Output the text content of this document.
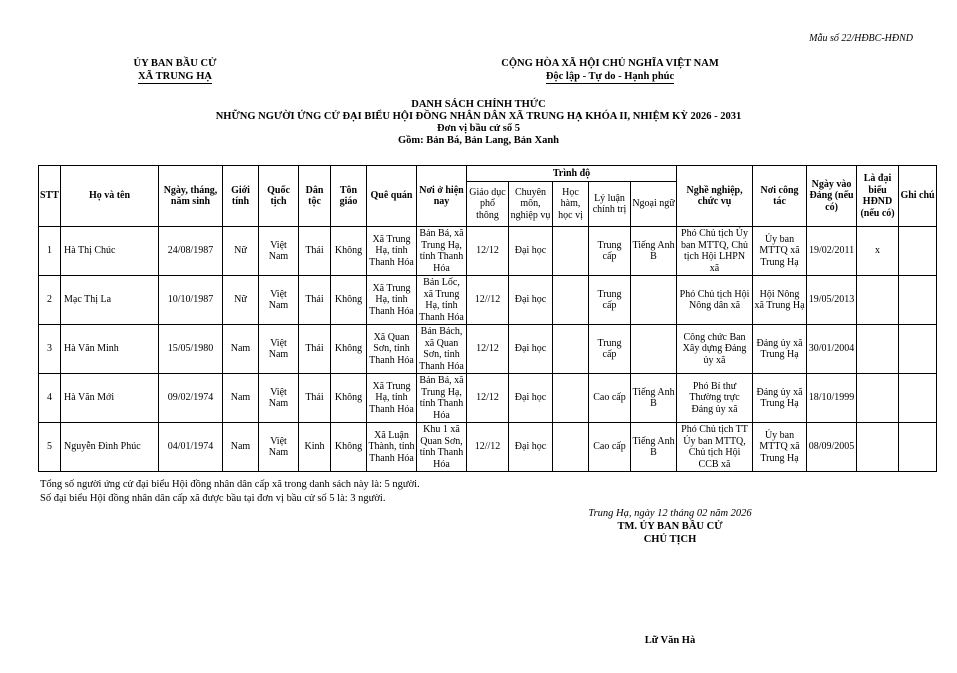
Mẫu số 22/HĐBC-HĐND
ỦY BAN BẦU CỬ
XÃ TRUNG HẠ
CỘNG HÒA XÃ HỘI CHỦ NGHĨA VIỆT NAM
Độc lập - Tự do - Hạnh phúc
DANH SÁCH CHÍNH THỨC
NHỮNG NGƯỜI ỨNG CỬ ĐẠI BIỂU HỘI ĐỒNG NHÂN DÂN XÃ TRUNG HẠ KHÓA II, NHIỆM KỲ 2026 - 2031
Đơn vị bầu cử số 5
Gồm: Bản Bá, Bản Lang, Bản Xanh
STT	Họ và tên	Ngày, tháng, năm sinh	Giới tính	Quốc tịch	Dân tộc	Tôn giáo	Quê quán	Nơi ở hiện nay	Trình độ					Nghề nghiệp, chức vụ	Nơi công tác	Ngày vào Đảng (nếu có)	Là đại biểu HĐND (nếu có)	Ghi chú
									Giáo dục phổ thông	Chuyên môn, nghiệp vụ	Học hàm, học vị	Lý luận chính trị	Ngoại ngữ					
1	Hà Thị Chúc	24/08/1987	Nữ	Việt Nam	Thái	Không	Xã Trung Hạ, tỉnh Thanh Hóa	Bản Bá, xã Trung Hạ, tỉnh Thanh Hóa	12/12	Đại học		Trung cấp	Tiếng Anh B	Phó Chủ tịch Ủy ban MTTQ, Chủ tịch Hội LHPN xã	Ủy ban MTTQ xã Trung Hạ	19/02/2011	x	
2	Mạc Thị La	10/10/1987	Nữ	Việt Nam	Thái	Không	Xã Trung Hạ, tỉnh Thanh Hóa	Bản Lốc, xã Trung Hạ, tỉnh Thanh Hóa	12//12	Đại học		Trung cấp		Phó Chủ tịch Hội Nông dân xã	Hội Nông xã Trung Hạ	19/05/2013		
3	Hà Văn Minh	15/05/1980	Nam	Việt Nam	Thái	Không	Xã Quan Sơn, tỉnh Thanh Hóa	Bản Bách, xã Quan Sơn, tỉnh Thanh Hóa	12/12	Đại học		Trung cấp		Công chức Ban Xây dựng Đảng ủy xã	Đảng ủy xã Trung Hạ	30/01/2004		
4	Hà Văn Mới	09/02/1974	Nam	Việt Nam	Thái	Không	Xã Trung Hạ, tỉnh Thanh Hóa	Bản Bá, xã Trung Hạ, tỉnh Thanh Hóa	12/12	Đại học		Cao cấp	Tiếng Anh B	Phó Bí thư Thường trực Đảng ủy xã	Đảng ủy xã Trung Hạ	18/10/1999		
5	Nguyễn Đình Phúc	04/01/1974	Nam	Việt Nam	Kinh	Không	Xã Luận Thành, tỉnh Thanh Hóa	Khu 1 xã Quan Sơn, tỉnh Thanh Hóa	12//12	Đại học		Cao cấp	Tiếng Anh B	Phó Chủ tịch TT Ủy ban MTTQ, Chủ tịch Hội CCB xã	Ủy ban MTTQ xã Trung Hạ	08/09/2005		
Tổng số người ứng cử đại biểu Hội đồng nhân dân cấp xã trong danh sách này là: 5 người.
Số đại biểu Hội đồng nhân dân cấp xã được bầu tại đơn vị bầu cử số 5 là: 3 người.
Trung Hạ, ngày 12 tháng 02 năm 2026
TM. ỦY BAN BẦU CỬ
CHỦ TỊCH
Lữ Văn Hà
